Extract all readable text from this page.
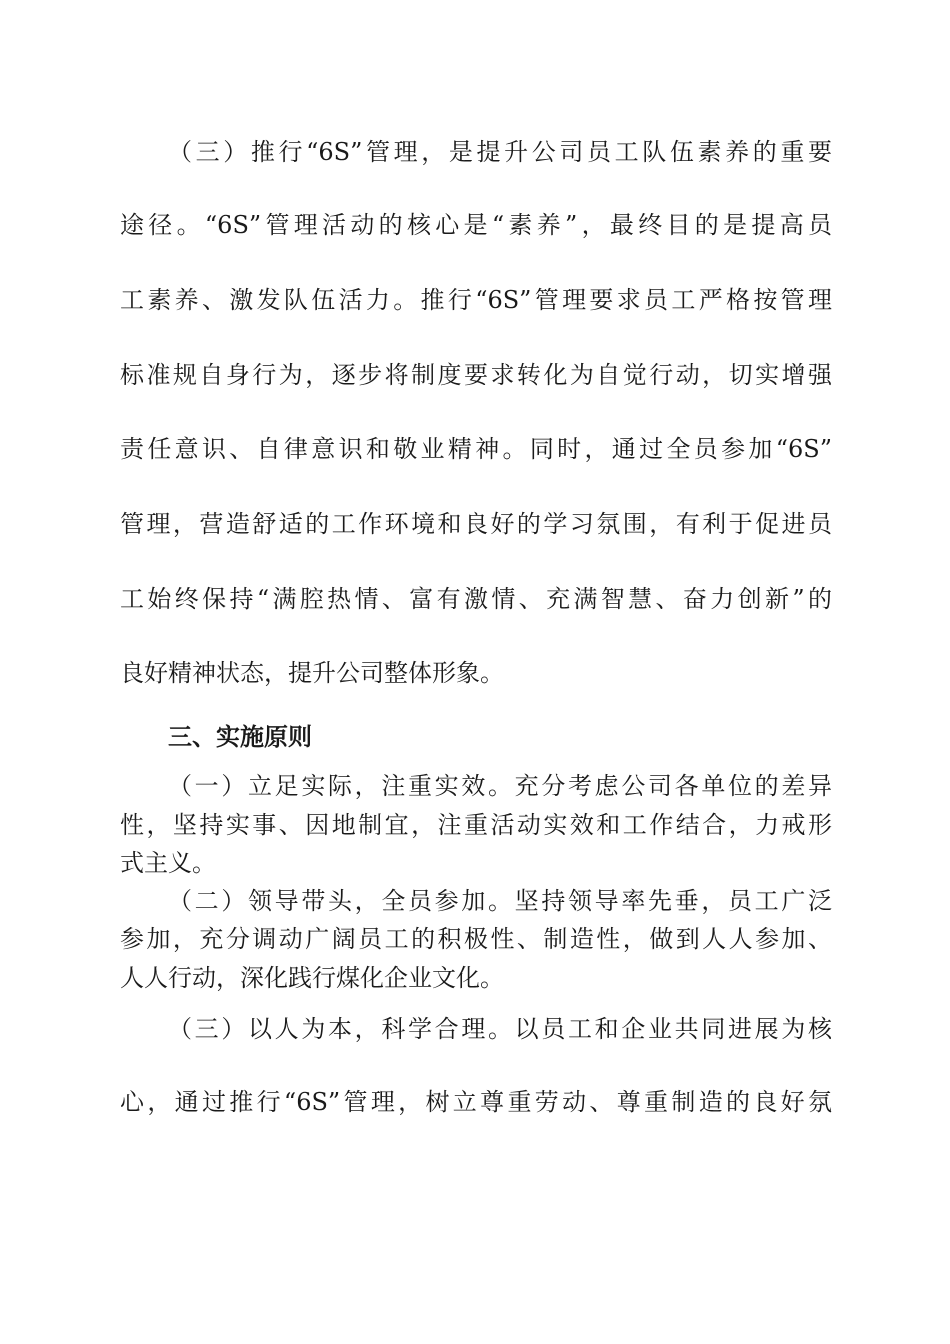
（三）推行“6S”管理，是提升公司员工队伍素养的重要

途径。“6S”管理活动的核心是“素养”，最终目的是提高员

工素养、激发队伍活力。推行“6S”管理要求员工严格按管理

标准规自身行为，逐步将制度要求转化为自觉行动，切实增强

责任意识、自律意识和敬业精神。同时，通过全员参加“6S”

管理，营造舒适的工作环境和良好的学习氛围，有利于促进员

工始终保持“满腔热情、富有激情、充满智慧、奋力创新”的

良好精神状态，提升公司整体形象。

三、实施原则

（一）立足实际，注重实效。充分考虑公司各单位的差异

性，坚持实事、因地制宜，注重活动实效和工作结合，力戒形

式主义。

（二）领导带头，全员参加。坚持领导率先垂，员工广泛

参加，充分调动广阔员工的积极性、制造性，做到人人参加、

人人行动，深化践行煤化企业文化。

（三）以人为本，科学合理。以员工和企业共同进展为核

心，通过推行“6S”管理，树立尊重劳动、尊重制造的良好氛
